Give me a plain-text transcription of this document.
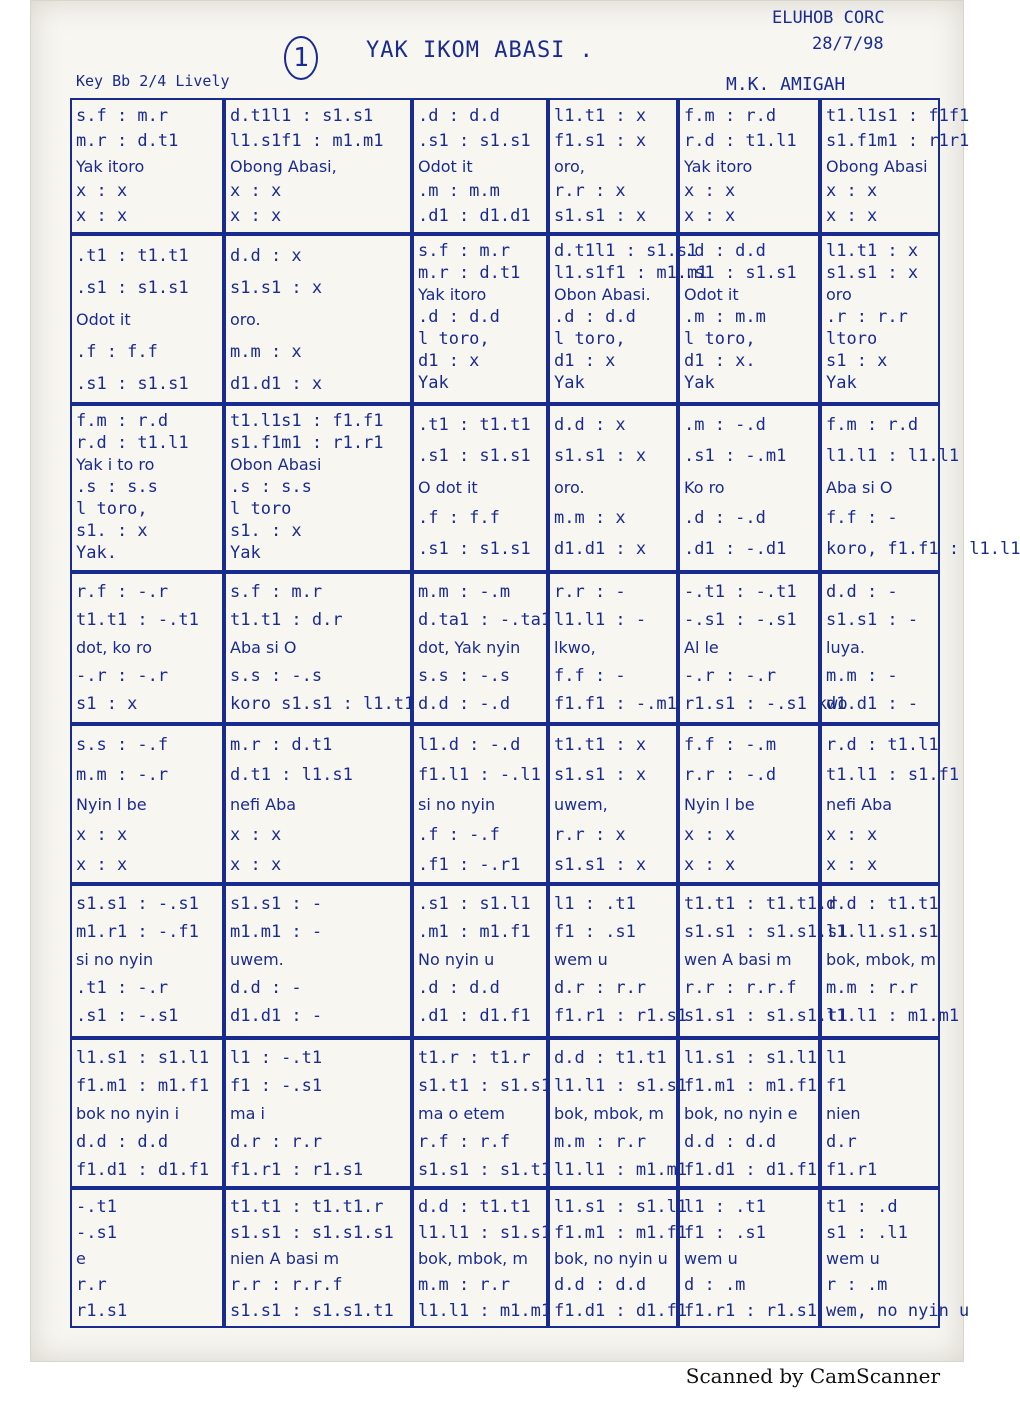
1	YAK IKOM ABASI .
ELUHOB CORC
28/7/98
Key Bb 2/4 Lively	M.K. AMIGAH
s.f : m.r
m.r : d.t1
Yak itoro
x : x
x : x
d.t1l1 : s1.s1
l1.s1f1 : m1.m1
Obong Abasi,
x : x
x : x
.d : d.d
.s1 : s1.s1
Odot it
.m : m.m
.d1 : d1.d1
l1.t1 : x
f1.s1 : x
oro,
r.r : x
s1.s1 : x
f.m : r.d
r.d : t1.l1
Yak itoro
x : x
x : x
t1.l1s1 : f1f1
s1.f1m1 : r1r1
Obong Abasi
x : x
x : x
.t1 : t1.t1
.s1 : s1.s1
Odot it
.f : f.f
.s1 : s1.s1
d.d : x
s1.s1 : x
oro.
m.m : x
d1.d1 : x
s.f : m.r
m.r : d.t1
Yak itoro
.d : d.d
l toro,
d1 : x
Yak
d.t1l1 : s1.s1
l1.s1f1 : m1.m1
Obon Abasi.
.d : d.d
l toro,
d1 : x
Yak
.d : d.d
.s1 : s1.s1
Odot it
.m : m.m
l toro,
d1 : x.
Yak
l1.t1 : x
s1.s1 : x
oro
.r : r.r
ltoro
s1 : x
Yak
f.m : r.d
r.d : t1.l1
Yak i to ro
.s : s.s
l toro,
s1. : x
Yak.
t1.l1s1 : f1.f1
s1.f1m1 : r1.r1
Obon Abasi
.s : s.s
l toro
s1. : x
Yak
.t1 : t1.t1
.s1 : s1.s1
O dot it
.f : f.f
.s1 : s1.s1
d.d : x
s1.s1 : x
oro.
m.m : x
d1.d1 : x
.m : -.d
.s1 : -.m1
Ko ro
.d : -.d
.d1 : -.d1
f.m : r.d
l1.l1 : l1.l1
Aba si O
f.f : -
koro, f1.f1 : l1.l1
r.f : -.r
t1.t1 : -.t1
dot, ko ro
-.r : -.r
s1 : x
s.f : m.r
t1.t1 : d.r
Aba si O
s.s : -.s
koro s1.s1 : l1.t1
m.m : -.m
d.ta1 : -.ta1
dot, Yak nyin
s.s : -.s
d.d : -.d
r.r : -
l1.l1 : -
lkwo,
f.f : -
f1.f1 : -.m1
-.t1 : -.t1
-.s1 : -.s1
Al le
-.r : -.r
r1.s1 : -.s1 kwo
d.d : -
s1.s1 : -
luya.
m.m : -
d1.d1 : -
s.s : -.f
m.m : -.r
Nyin l be
x : x
x : x
m.r : d.t1
d.t1 : l1.s1
nefi Aba
x : x
x : x
l1.d : -.d
f1.l1 : -.l1
si no nyin
.f : -.f
.f1 : -.r1
t1.t1 : x
s1.s1 : x
uwem,
r.r : x
s1.s1 : x
f.f : -.m
r.r : -.d
Nyin l be
x : x
x : x
r.d : t1.l1
t1.l1 : s1.f1
nefi Aba
x : x
x : x
s1.s1 : -.s1
m1.r1 : -.f1
si no nyin
.t1 : -.r
.s1 : -.s1
s1.s1 : -
m1.m1 : -
uwem.
d.d : -
d1.d1 : -
.s1 : s1.l1
.m1 : m1.f1
No nyin u
.d : d.d
.d1 : d1.f1
l1 : .t1
f1 : .s1
wem u
d.r : r.r
f1.r1 : r1.s1
t1.t1 : t1.t1.r
s1.s1 : s1.s1.s1
wen A basi m
r.r : r.r.f
s1.s1 : s1.s1.t1
d.d : t1.t1
l1.l1.s1.s1
bok, mbok, m
m.m : r.r
l1.l1 : m1.m1
l1.s1 : s1.l1
f1.m1 : m1.f1
bok no nyin i
d.d : d.d
f1.d1 : d1.f1
l1 : -.t1
f1 : -.s1
ma i
d.r : r.r
f1.r1 : r1.s1
t1.r : t1.r
s1.t1 : s1.s1
ma o etem
r.f : r.f
s1.s1 : s1.t1
d.d : t1.t1
l1.l1 : s1.s1
bok, mbok, m
m.m : r.r
l1.l1 : m1.m1
l1.s1 : s1.l1
f1.m1 : m1.f1
bok, no nyin e
d.d : d.d
f1.d1 : d1.f1
l1
f1
nien
d.r
f1.r1
-.t1
-.s1
e
r.r
r1.s1
t1.t1 : t1.t1.r
s1.s1 : s1.s1.s1
nien A basi m
r.r : r.r.f
s1.s1 : s1.s1.t1
d.d : t1.t1
l1.l1 : s1.s1
bok, mbok, m
m.m : r.r
l1.l1 : m1.m1
l1.s1 : s1.l1
f1.m1 : m1.f1
bok, no nyin u
d.d : d.d
f1.d1 : d1.f1
l1 : .t1
f1 : .s1
wem u
d : .m
f1.r1 : r1.s1
t1 : .d
s1 : .l1
wem u
r : .m
wem, no nyin u
Scanned by CamScanner
